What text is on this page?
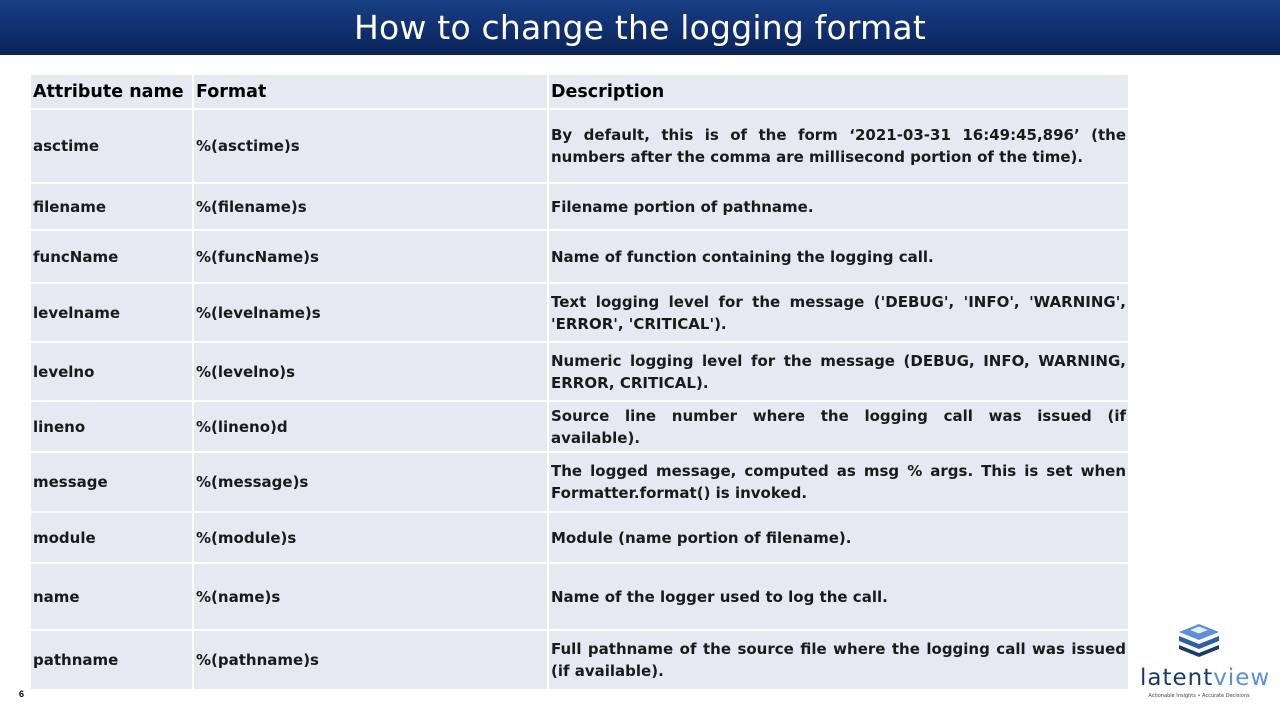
How to change the logging format
Attribute name	Format	Description
asctime	%(asctime)s	By default, this is of the form ‘2021-03-31 16:49:45,896’ (the numbers after the comma are millisecond portion of the time).
filename	%(filename)s	Filename portion of pathname.
funcName	%(funcName)s	Name of function containing the logging call.
levelname	%(levelname)s	Text logging level for the message ('DEBUG', 'INFO', 'WARNING', 'ERROR', 'CRITICAL').
levelno	%(levelno)s	Numeric logging level for the message (DEBUG, INFO, WARNING, ERROR, CRITICAL).
lineno	%(lineno)d	Source line number where the logging call was issued (if available).
message	%(message)s	The logged message, computed as msg % args. This is set when Formatter.format() is invoked.
module	%(module)s	Module (name portion of filename).
name	%(name)s	Name of the logger used to log the call.
pathname	%(pathname)s	Full pathname of the source file where the logging call was issued (if available).
6
latentview
Actionable Insights • Accurate Decisions
